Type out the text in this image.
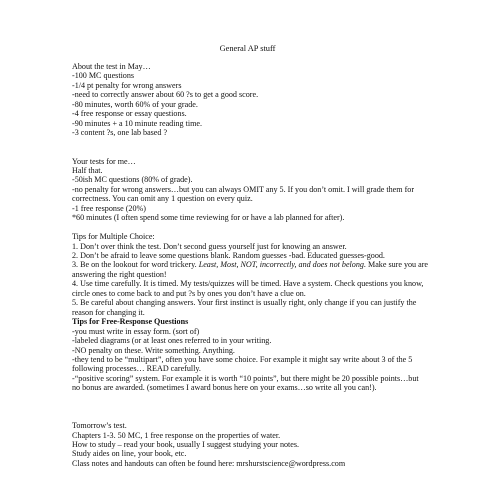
General AP stuff
About the test in May…
-100 MC questions
-1/4 pt penalty for wrong answers
-need to correctly answer about 60 ?s to get a good score.
-80 minutes, worth 60% of your grade.
-4 free response or essay questions.
-90 minutes + a 10 minute reading time.
-3 content ?s, one lab based ?
Your tests for me…
Half that.
-50ish MC questions (80% of grade).
-no penalty for wrong answers…but you can always OMIT any 5. If you don’t omit. I will grade them for correctness. You can omit any 1 question on every quiz.
-1 free response (20%)
*60 minutes (I often spend some time reviewing for or have a lab planned for after).
Tips for Multiple Choice:
1. Don’t over think the test. Don’t second guess yourself just for knowing an answer.
2. Don’t be afraid to leave some questions blank. Random guesses -bad. Educated guesses-good.
3. Be on the lookout for word trickery. Least, Most, NOT, incorrectly, and does not belong. Make sure you are answering the right question!
4. Use time carefully. It is timed. My tests/quizzes will be timed. Have a system. Check questions you know, circle ones to come back to and put ?s by ones you don’t have a clue on.
5. Be careful about changing answers. Your first instinct is usually right, only change if you can justify the reason for changing it.
Tips for Free-Response Questions
-you must write in essay form. (sort of)
-labeled diagrams (or at least ones referred to in your writing.
-NO penalty on these. Write something. Anything.
-they tend to be “multipart”, often you have some choice. For example it might say write about 3 of the 5 following processes… READ carefully.
-“positive scoring” system. For example it is worth “10 points”, but there might be 20 possible points…but no bonus are awarded. (sometimes I award bonus here on your exams…so write all you can!).
Tomorrow’s test.
Chapters 1-3. 50 MC, 1 free response on the properties of water.
How to study – read your book, usually I suggest studying your notes.
Study aides on line, your book, etc.
Class notes and handouts can often be found here: mrshurstscience@wordpress.com
